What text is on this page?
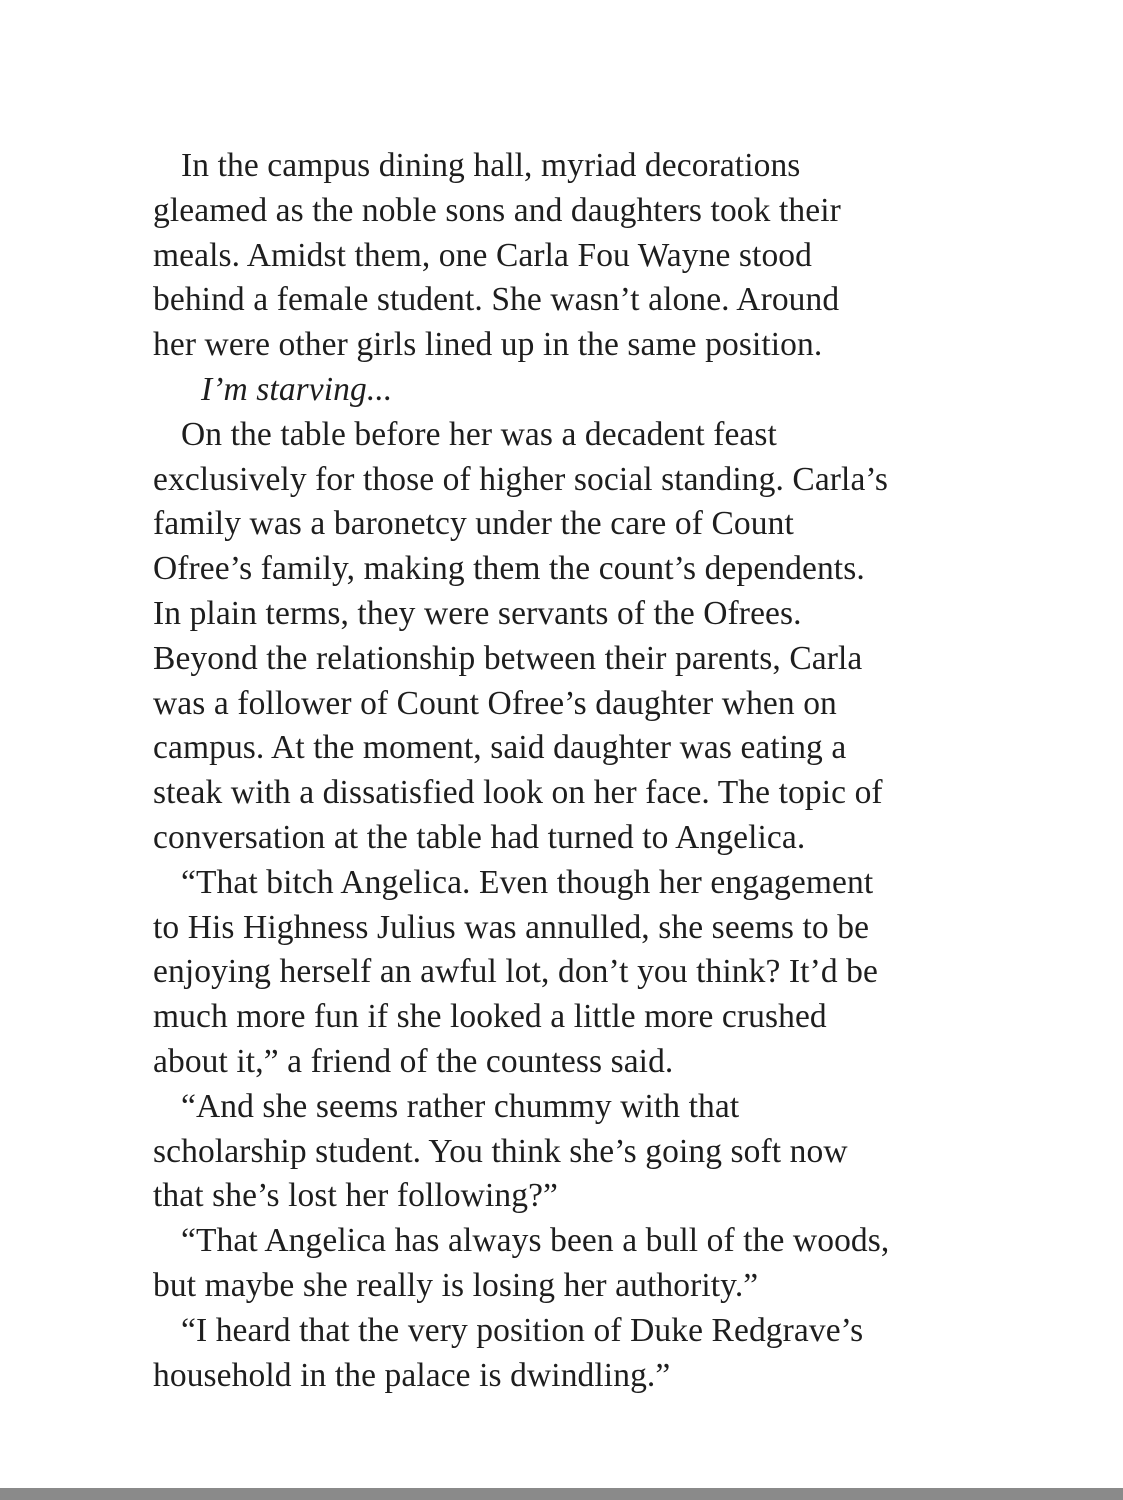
In the campus dining hall, myriad decorations
gleamed as the noble sons and daughters took their
meals. Amidst them, one Carla Fou Wayne stood
behind a female student. She wasn’t alone. Around
her were other girls lined up in the same position.
I’m starving...
On the table before her was a decadent feast
exclusively for those of higher social standing. Carla’s
family was a baronetcy under the care of Count
Ofree’s family, making them the count’s dependents.
In plain terms, they were servants of the Ofrees.
Beyond the relationship between their parents, Carla
was a follower of Count Ofree’s daughter when on
campus. At the moment, said daughter was eating a
steak with a dissatisfied look on her face. The topic of
conversation at the table had turned to Angelica.
“That bitch Angelica. Even though her engagement
to His Highness Julius was annulled, she seems to be
enjoying herself an awful lot, don’t you think? It’d be
much more fun if she looked a little more crushed
about it,” a friend of the countess said.
“And she seems rather chummy with that
scholarship student. You think she’s going soft now
that she’s lost her following?”
“That Angelica has always been a bull of the woods,
but maybe she really is losing her authority.”
“I heard that the very position of Duke Redgrave’s
household in the palace is dwindling.”
